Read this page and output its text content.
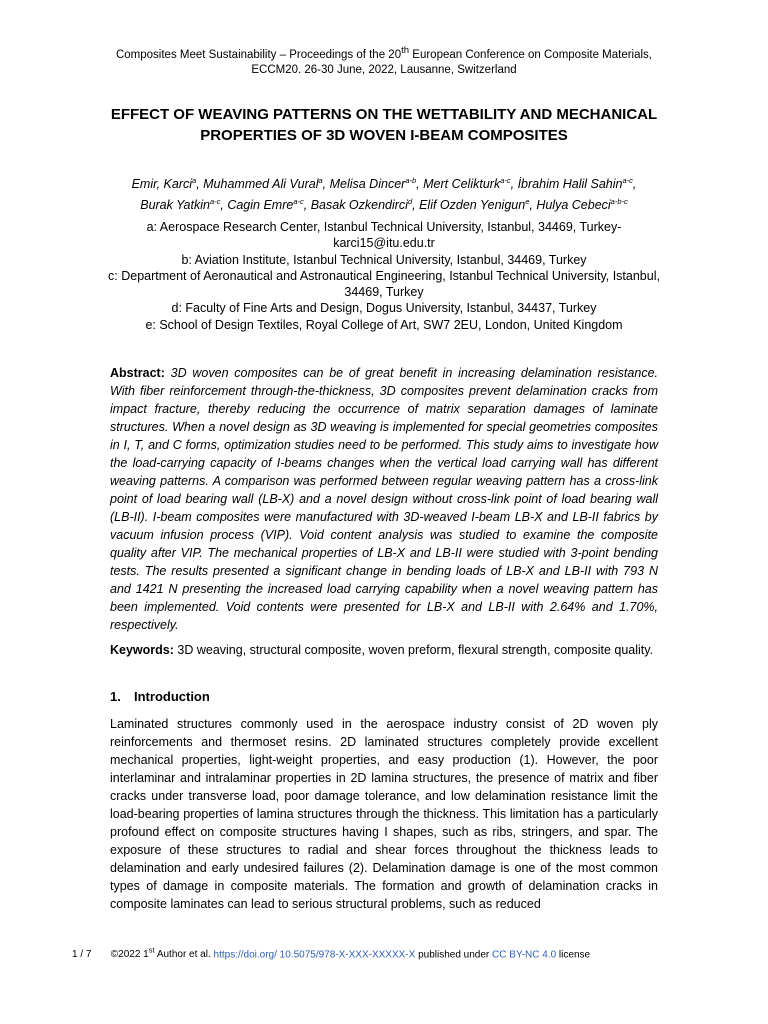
Composites Meet Sustainability – Proceedings of the 20th European Conference on Composite Materials,
ECCM20. 26-30 June, 2022, Lausanne, Switzerland
EFFECT OF WEAVING PATTERNS ON THE WETTABILITY AND MECHANICAL PROPERTIES OF 3D WOVEN I-BEAM COMPOSITES
Emir, Karci$^a$, Muhammed Ali Vural$^a$, Melisa Dincer$^{a-b}$, Mert Celikturk$^{a-c}$, İbrahim Halil Sahin$^{a-c}$,
Burak Yatkin$^{a-c}$, Cagin Emre$^{a-c}$, Basak Ozkendirci$^d$, Elif Ozden Yenigun$^e$, Hulya Cebeci$^{a-b-c}$
a: Aerospace Research Center, Istanbul Technical University, Istanbul, 34469, Turkey-karci15@itu.edu.tr
b: Aviation Institute, Istanbul Technical University, Istanbul, 34469, Turkey
c: Department of Aeronautical and Astronautical Engineering, Istanbul Technical University, Istanbul, 34469, Turkey
d: Faculty of Fine Arts and Design, Dogus University, Istanbul, 34437, Turkey
e: School of Design Textiles, Royal College of Art, SW7 2EU, London, United Kingdom

Abstract: 3D woven composites can be of great benefit in increasing delamination resistance. With fiber reinforcement through-the-thickness, 3D composites prevent delamination cracks from impact fracture, thereby reducing the occurrence of matrix separation damages of laminate structures. When a novel design as 3D weaving is implemented for special geometries composites in I, T, and C forms, optimization studies need to be performed. This study aims to investigate how the load-carrying capacity of I-beams changes when the vertical load carrying wall has different weaving patterns. A comparison was performed between regular weaving pattern has a cross-link point of load bearing wall (LB-X) and a novel design without cross-link point of load bearing wall (LB-II). I-beam composites were manufactured with 3D-weaved I-beam LB-X and LB-II fabrics by vacuum infusion process (VIP). Void content analysis was studied to examine the composite quality after VIP. The mechanical properties of LB-X and LB-II were studied with 3-point bending tests. The results presented a significant change in bending loads of LB-X and LB-II with 793 N and 1421 N presenting the increased load carrying capability when a novel weaving pattern has been implemented. Void contents were presented for LB-X and LB-II with 2.64% and 1.70%, respectively.

Keywords: 3D weaving, structural composite, woven preform, flexural strength, composite quality.

1. Introduction

Laminated structures commonly used in the aerospace industry consist of 2D woven ply reinforcements and thermoset resins. 2D laminated structures completely provide excellent mechanical properties, light-weight properties, and easy production (1). However, the poor interlaminar and intralaminar properties in 2D lamina structures, the presence of matrix and fiber cracks under transverse load, poor damage tolerance, and low delamination resistance limit the load-bearing properties of lamina structures through the thickness. This limitation has a particularly profound effect on composite structures having I shapes, such as ribs, stringers, and spar. The exposure of these structures to radial and shear forces throughout the thickness leads to delamination and early undesired failures (2). Delamination damage is one of the most common types of damage in composite materials. The formation and growth of delamination cracks in composite laminates can lead to serious structural problems, such as reduced

1 / 7 ©2022 1st Author et al. https://doi.org/ 10.5075/978-X-XXX-XXXXX-X published under CC BY-NC 4.0 license
